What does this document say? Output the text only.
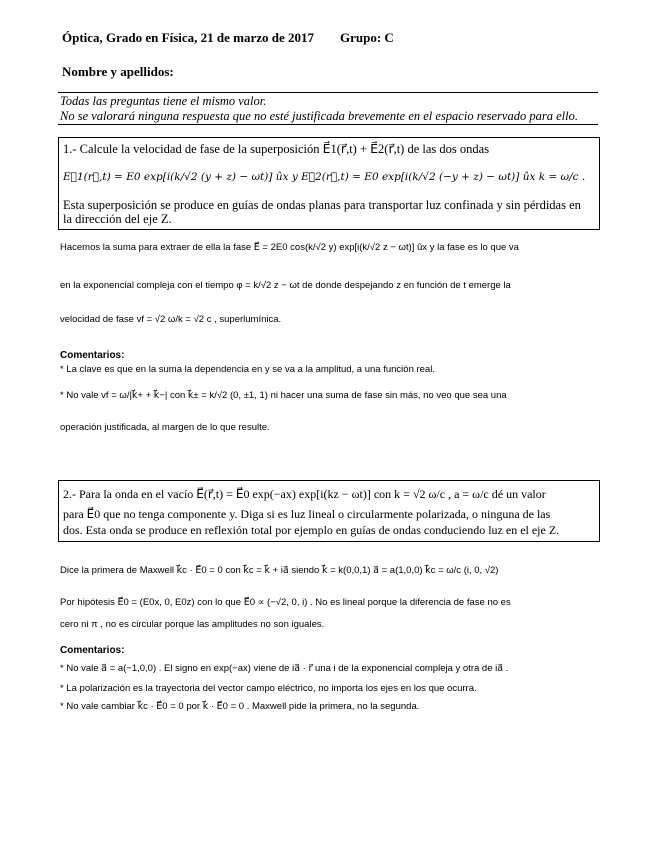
Óptica, Grado en Física, 21 de marzo de 2017 Grupo: C
Nombre y apellidos:
Todas las preguntas tiene el mismo valor.
No se valorará ninguna respuesta que no esté justificada brevemente en el espacio reservado para ello.
1.- Calcule la velocidad de fase de la superposición E⃗1(r⃗,t) + E⃗2(r⃗,t) de las dos ondas
E⃗1(r⃗,t) = E0 exp[i(k/√2 (y + z) − ωt)] ûx y E⃗2(r⃗,t) = E0 exp[i(k/√2 (−y + z) − ωt)] ûx k = ω/c .
Esta superposición se produce en guías de ondas planas para transportar luz confinada y sin pérdidas en
la dirección del eje Z.
Hacemos la suma para extraer de ella la fase E⃗ = 2E0 cos(k/√2 y) exp[i(k/√2 z − ωt)] ûx y la fase es lo que va
en la exponencial compleja con el tiempo φ = k/√2 z − ωt de donde despejando z en función de t emerge la
velocidad de fase vf = √2 ω/k = √2 c , superlumínica.
Comentarios:
* La clave es que en la suma la dependencia en y se va a la amplitud, a una función real.
* No vale vf = ω/|k⃗+ + k⃗−| con k⃗± = k/√2 (0, ±1, 1) ni hacer una suma de fase sin más, no veo que sea una
operación justificada, al margen de lo que resulte.
2.- Para la onda en el vacío E⃗(r⃗,t) = E⃗0 exp(−ax) exp[i(kz − ωt)] con k = √2 ω/c , a = ω/c dé un valor
para E⃗0 que no tenga componente y. Diga si es luz lineal o circularmente polarizada, o ninguna de las
dos. Esta onda se produce en reflexión total por ejemplo en guías de ondas conduciendo luz en el eje Z.
Dice la primera de Maxwell k⃗c · E⃗0 = 0 con k⃗c = k⃗ + ia⃗ siendo k⃗ = k(0,0,1) a⃗ = a(1,0,0) k⃗c = ω/c (i, 0, √2)
Por hipótesis E⃗0 = (E0x, 0, E0z) con lo que E⃗0 ∝ (−√2, 0, i) . No es lineal porque la diferencia de fase no es
cero ni π , no es circular porque las amplitudes no son iguales.
Comentarios:
* No vale a⃗ = a(−1,0,0) . El signo en exp(−ax) viene de ia⃗ · r⃗ una i de la exponencial compleja y otra de ia⃗ .
* La polarización es la trayectoria del vector campo eléctrico, no importa los ejes en los que ocurra.
* No vale cambiar k⃗c · E⃗0 = 0 por k⃗ · E⃗0 = 0 . Maxwell pide la primera, no la segunda.
